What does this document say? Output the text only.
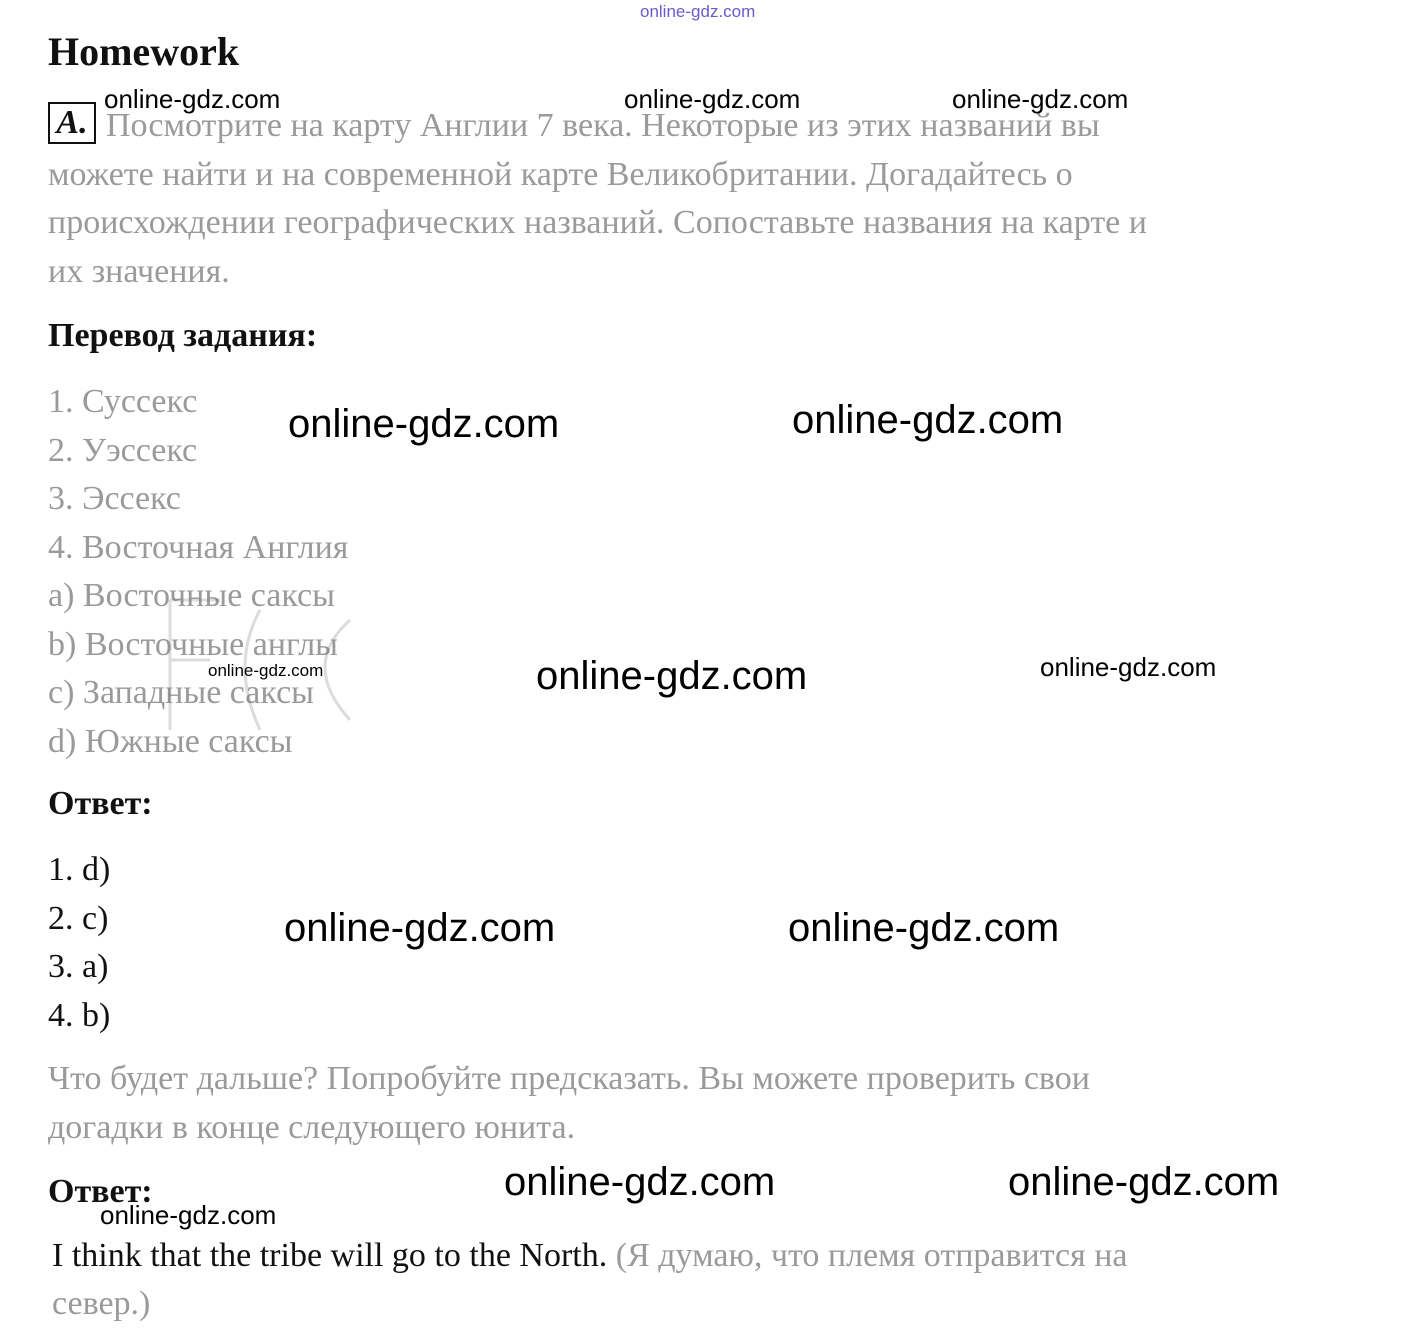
online-gdz.com
Homework
A. Посмотрите на карту Англии 7 века. Некоторые из этих названий вы
можете найти и на современной карте Великобритании. Догадайтесь о
происхождении географических названий. Сопоставьте названия на карте и
их значения.
Перевод задания:
1. Суссекс
2. Уэссекс
3. Эссекс
4. Восточная Англия
a) Восточные саксы
b) Восточные англы
c) Западные саксы
d) Южные саксы
Ответ:
1. d)
2. c)
3. a)
4. b)
Что будет дальше? Попробуйте предсказать. Вы можете проверить свои
догадки в конце следующего юнита.
Ответ:
I think that the tribe will go to the North. (Я думаю, что племя отправится на
север.)
online-gdz.com	online-gdz.com	online-gdz.com
online-gdz.com	online-gdz.com
online-gdz.com
online-gdz.com	online-gdz.com
online-gdz.com
online-gdz.com	online-gdz.com
online-gdz.com	online-gdz.com
